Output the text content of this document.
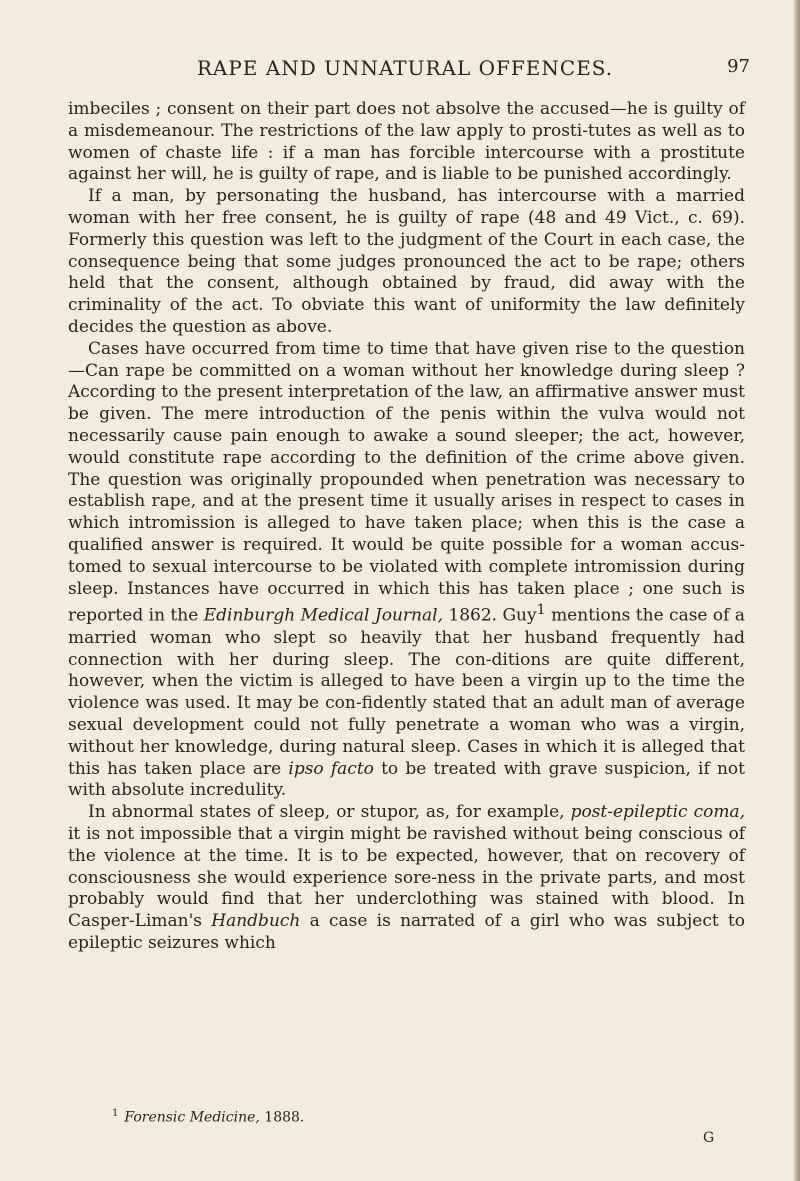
RAPE AND UNNATURAL OFFENCES.	97

imbeciles ; consent on their part does not absolve the accused—he is guilty of a misdemeanour. The restrictions of the law apply to prosti-tutes as well as to women of chaste life : if a man has forcible intercourse with a prostitute against her will, he is guilty of rape, and is liable to be punished accordingly.

If a man, by personating the husband, has intercourse with a married woman with her free consent, he is guilty of rape (48 and 49 Vict., c. 69). Formerly this question was left to the judgment of the Court in each case, the consequence being that some judges pronounced the act to be rape; others held that the consent, although obtained by fraud, did away with the criminality of the act. To obviate this want of uniformity the law definitely decides the question as above.

Cases have occurred from time to time that have given rise to the question—Can rape be committed on a woman without her knowledge during sleep ? According to the present interpretation of the law, an affirmative answer must be given. The mere introduction of the penis within the vulva would not necessarily cause pain enough to awake a sound sleeper; the act, however, would constitute rape according to the definition of the crime above given. The question was originally propounded when penetration was necessary to establish rape, and at the present time it usually arises in respect to cases in which intromission is alleged to have taken place; when this is the case a qualified answer is required. It would be quite possible for a woman accus-tomed to sexual intercourse to be violated with complete intromission during sleep. Instances have occurred in which this has taken place ; one such is reported in the Edinburgh Medical Journal, 1862. Guy$^1$ mentions the case of a married woman who slept so heavily that her husband frequently had connection with her during sleep. The con-ditions are quite different, however, when the victim is alleged to have been a virgin up to the time the violence was used. It may be con-fidently stated that an adult man of average sexual development could not fully penetrate a woman who was a virgin, without her knowledge, during natural sleep. Cases in which it is alleged that this has taken place are ipso facto to be treated with grave suspicion, if not with absolute incredulity.

In abnormal states of sleep, or stupor, as, for example, post-epileptic coma, it is not impossible that a virgin might be ravished without being conscious of the violence at the time. It is to be expected, however, that on recovery of consciousness she would experience sore-ness in the private parts, and most probably would find that her underclothing was stained with blood. In Casper-Liman's Handbuch a case is narrated of a girl who was subject to epileptic seizures which

$^1$ Forensic Medicine, 1888.
G
